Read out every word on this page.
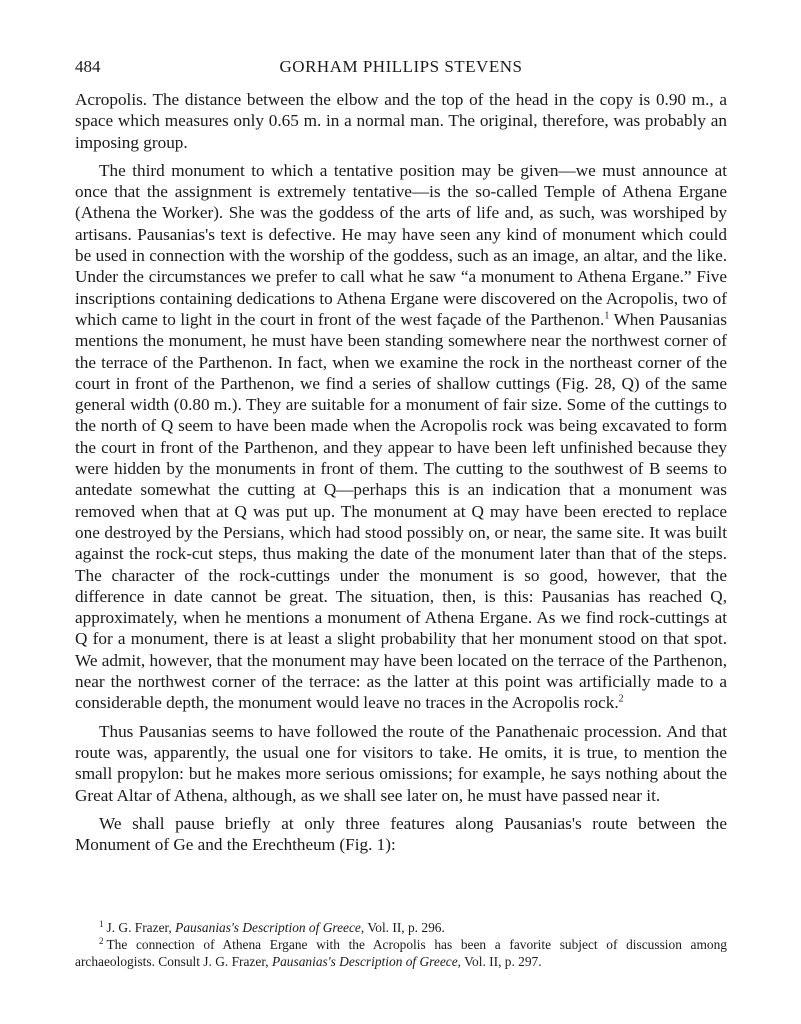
484	GORHAM PHILLIPS STEVENS

Acropolis. The distance between the elbow and the top of the head in the copy is 0.90 m., a space which measures only 0.65 m. in a normal man. The original, therefore, was probably an imposing group.

The third monument to which a tentative position may be given—we must announce at once that the assignment is extremely tentative—is the so-called Temple of Athena Ergane (Athena the Worker). She was the goddess of the arts of life and, as such, was worshiped by artisans. Pausanias's text is defective. He may have seen any kind of monument which could be used in connection with the worship of the goddess, such as an image, an altar, and the like. Under the circumstances we prefer to call what he saw “a monument to Athena Ergane.” Five inscriptions containing dedications to Athena Ergane were discovered on the Acropolis, two of which came to light in the court in front of the west façade of the Parthenon.$^1$ When Pausanias mentions the monument, he must have been standing somewhere near the northwest corner of the terrace of the Parthenon. In fact, when we examine the rock in the northeast corner of the court in front of the Parthenon, we find a series of shallow cuttings (Fig. 28, Q) of the same general width (0.80 m.). They are suitable for a monument of fair size. Some of the cuttings to the north of Q seem to have been made when the Acropolis rock was being excavated to form the court in front of the Parthenon, and they appear to have been left unfinished because they were hidden by the monuments in front of them. The cutting to the southwest of B seems to antedate somewhat the cutting at Q—perhaps this is an indication that a monument was removed when that at Q was put up. The monument at Q may have been erected to replace one destroyed by the Persians, which had stood possibly on, or near, the same site. It was built against the rock-cut steps, thus making the date of the monument later than that of the steps. The character of the rock-cuttings under the monument is so good, however, that the difference in date cannot be great. The situation, then, is this: Pausanias has reached Q, approximately, when he mentions a monument of Athena Ergane. As we find rock-cuttings at Q for a monument, there is at least a slight probability that her monument stood on that spot. We admit, however, that the monument may have been located on the terrace of the Parthenon, near the northwest corner of the terrace: as the latter at this point was artificially made to a considerable depth, the monument would leave no traces in the Acropolis rock.$^2$

Thus Pausanias seems to have followed the route of the Panathenaic procession. And that route was, apparently, the usual one for visitors to take. He omits, it is true, to mention the small propylon: but he makes more serious omissions; for example, he says nothing about the Great Altar of Athena, although, as we shall see later on, he must have passed near it.

We shall pause briefly at only three features along Pausanias's route between the Monument of Ge and the Erechtheum (Fig. 1):

$^1$ J. G. Frazer, Pausanias's Description of Greece, Vol. II, p. 296.

$^2$ The connection of Athena Ergane with the Acropolis has been a favorite subject of discussion among archaeologists. Consult J. G. Frazer, Pausanias's Description of Greece, Vol. II, p. 297.
